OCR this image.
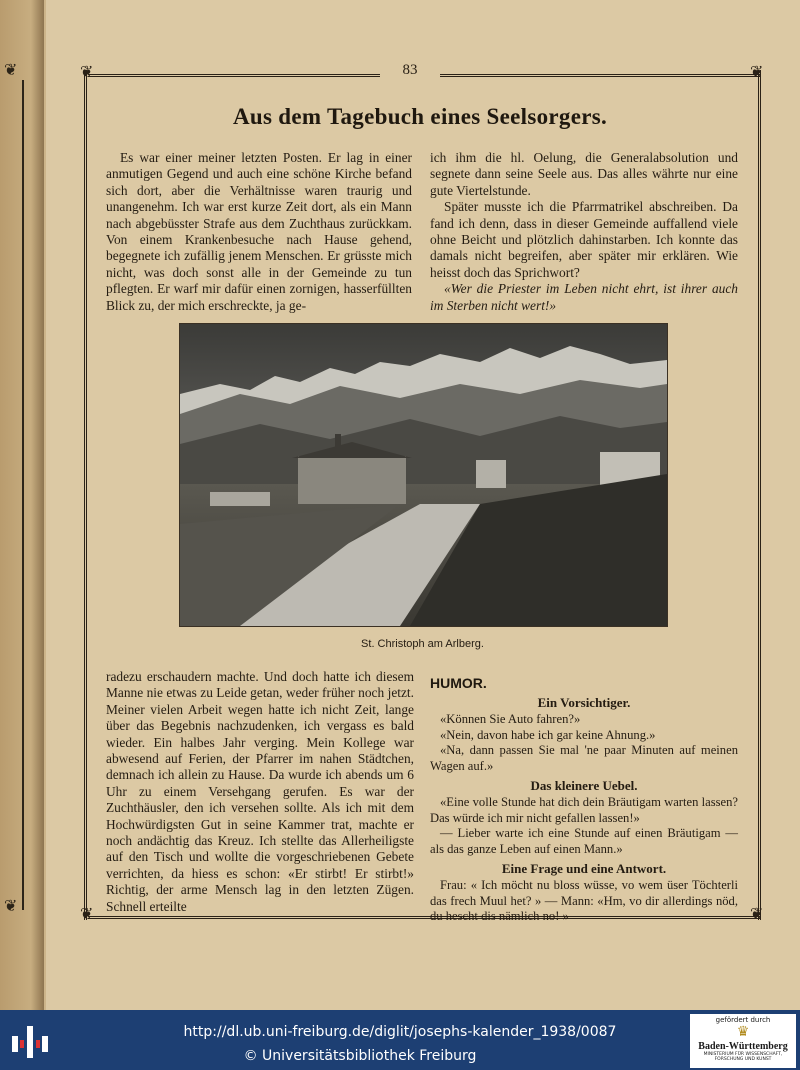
❦
❦
❦	❦
❦	❦
83
Aus dem Tagebuch eines Seelsorgers.

Es war einer meiner letzten Posten. Er lag in einer anmutigen Gegend und auch eine schöne Kirche befand sich dort, aber die Verhältnisse waren traurig und unangenehm. Ich war erst kurze Zeit dort, als ein Mann nach abgebüsster Strafe aus dem Zuchthaus zurückkam. Von einem Krankenbesuche nach Hause gehend, begegnete ich zufällig jenem Menschen. Er grüsste mich nicht, was doch sonst alle in der Gemeinde zu tun pflegten. Er warf mir dafür einen zornigen, hasserfüllten Blick zu, der mich erschreckte, ja ge-

ich ihm die hl. Oelung, die Generalabsolution und segnete dann seine Seele aus. Das alles währte nur eine gute Viertelstunde.

Später musste ich die Pfarrmatrikel abschreiben. Da fand ich denn, dass in dieser Gemeinde auffallend viele ohne Beicht und plötzlich dahinstarben. Ich konnte das damals nicht begreifen, aber später mir erklären. Wie heisst doch das Sprichwort?

«Wer die Priester im Leben nicht ehrt, ist ihrer auch im Sterben nicht wert!»

St. Christoph am Arlberg.

radezu erschaudern machte. Und doch hatte ich diesem Manne nie etwas zu Leide getan, weder früher noch jetzt. Meiner vielen Arbeit wegen hatte ich nicht Zeit, lange über das Begebnis nachzudenken, ich vergass es bald wieder. Ein halbes Jahr verging. Mein Kollege war abwesend auf Ferien, der Pfarrer im nahen Städtchen, demnach ich allein zu Hause. Da wurde ich abends um 6 Uhr zu einem Versehgang gerufen. Es war der Zuchthäusler, den ich versehen sollte. Als ich mit dem Hochwürdigsten Gut in seine Kammer trat, machte er noch andächtig das Kreuz. Ich stellte das Allerheiligste auf den Tisch und wollte die vorgeschriebenen Gebete verrichten, da hiess es schon: «Er stirbt! Er stirbt!» Richtig, der arme Mensch lag in den letzten Zügen. Schnell erteilte

HUMOR.
Ein Vorsichtiger.

«Können Sie Auto fahren?»

«Nein, davon habe ich gar keine Ahnung.»

«Na, dann passen Sie mal 'ne paar Minuten auf meinen Wagen auf.»

Das kleinere Uebel.

«Eine volle Stunde hat dich dein Bräutigam warten lassen? Das würde ich mir nicht gefallen lassen!»

— Lieber warte ich eine Stunde auf einen Bräutigam — als das ganze Leben auf einen Mann.»

Eine Frage und eine Antwort.

Frau: « Ich möcht nu bloss wüsse, vo wem üser Töchterli das frech Muul het? » — Mann: «Hm, vo dir allerdings nöd, du hescht dis nämlich no! »

http://dl.ub.uni-freiburg.de/diglit/josephs-kalender_1938/0087
© Universitätsbibliothek Freiburg
gefördert durch
♛
Baden-Württemberg
MINISTERIUM FÜR WISSENSCHAFT, FORSCHUNG UND KUNST
